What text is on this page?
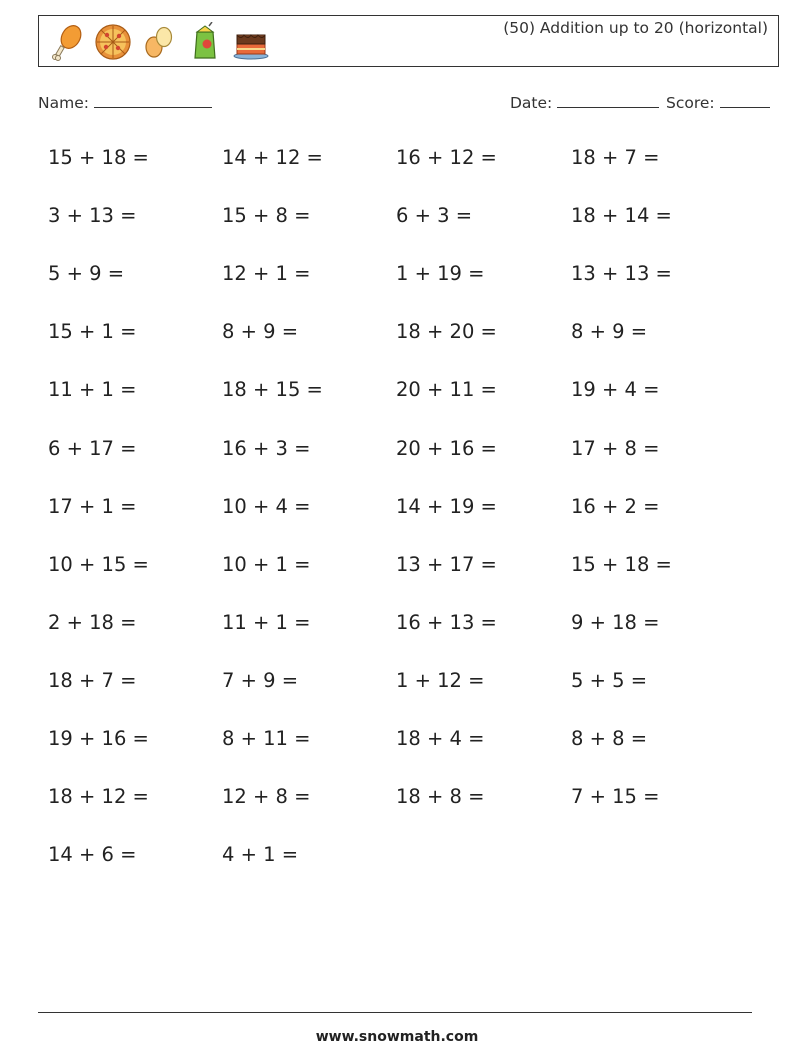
(50) Addition up to 20 (horizontal)
Name:	Date:	Score:
15 + 18 =	14 + 12 =	16 + 12 =	18 + 7 =
3 + 13 =	15 + 8 =	6 + 3 =	18 + 14 =
5 + 9 =	12 + 1 =	1 + 19 =	13 + 13 =
15 + 1 =	8 + 9 =	18 + 20 =	8 + 9 =
11 + 1 =	18 + 15 =	20 + 11 =	19 + 4 =
6 + 17 =	16 + 3 =	20 + 16 =	17 + 8 =
17 + 1 =	10 + 4 =	14 + 19 =	16 + 2 =
10 + 15 =	10 + 1 =	13 + 17 =	15 + 18 =
2 + 18 =	11 + 1 =	16 + 13 =	9 + 18 =
18 + 7 =	7 + 9 =	1 + 12 =	5 + 5 =
19 + 16 =	8 + 11 =	18 + 4 =	8 + 8 =
18 + 12 =	12 + 8 =	18 + 8 =	7 + 15 =
14 + 6 =	4 + 1 =
www.snowmath.com
